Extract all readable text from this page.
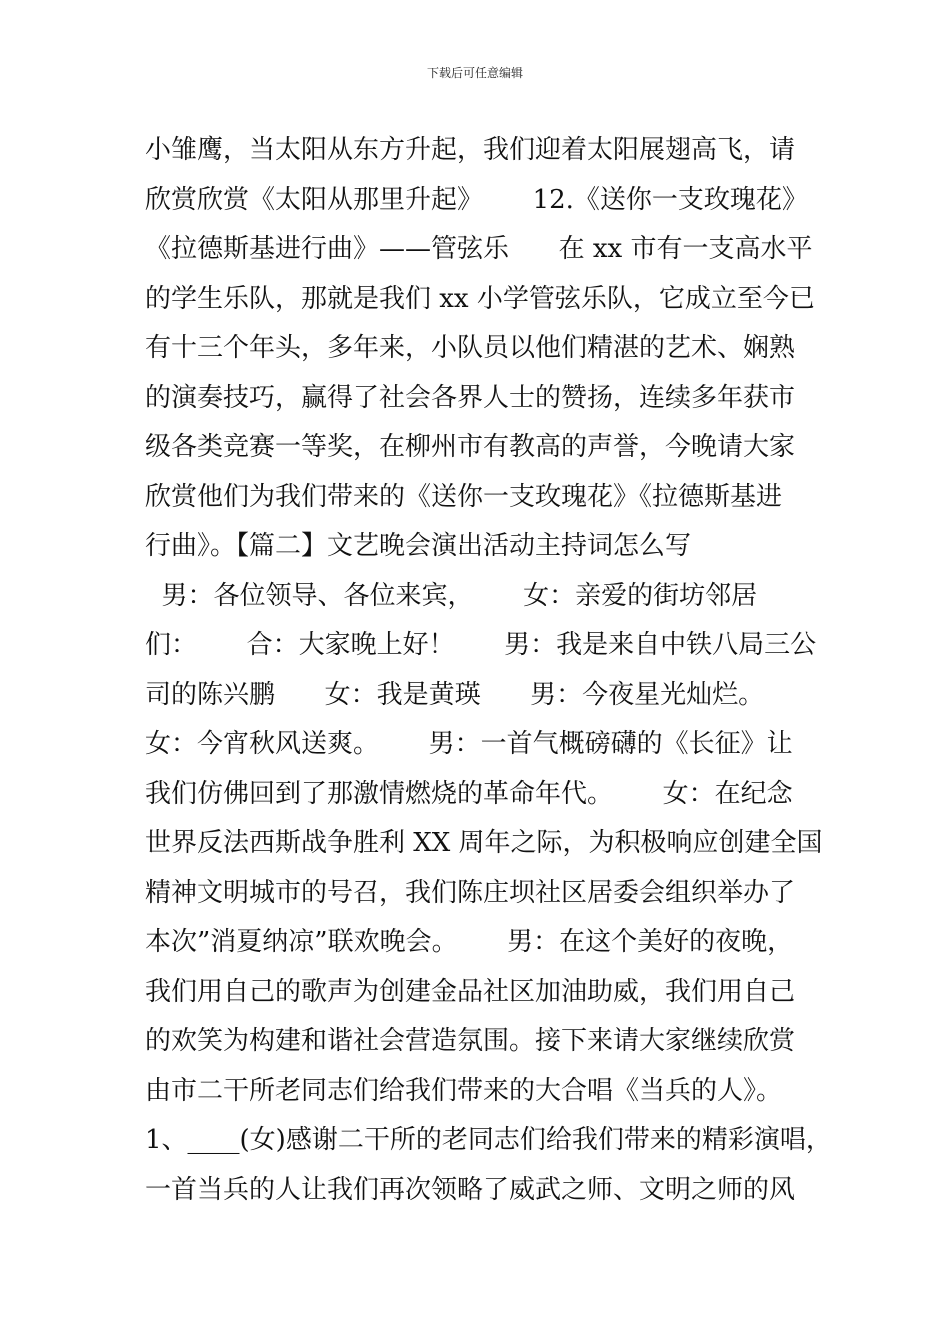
下载后可任意编辑
小雏鹰，当太阳从东方升起，我们迎着太阳展翅高飞，请
欣赏欣赏《太阳从那里升起》      12.《送你一支玫瑰花》
《拉德斯基进行曲》——管弦乐      在 xx 市有一支高水平
的学生乐队，那就是我们 xx 小学管弦乐队，它成立至今已
有十三个年头，多年来，小队员以他们精湛的艺术、娴熟
的演奏技巧，赢得了社会各界人士的赞扬，连续多年获市
级各类竞赛一等奖，在柳州市有教高的声誉，今晚请大家
欣赏他们为我们带来的《送你一支玫瑰花》《拉德斯基进
行曲》。【篇二】文艺晚会演出活动主持词怎么写
男：各位领导、各位来宾，      女：亲爱的街坊邻居
们：      合：大家晚上好！      男：我是来自中铁八局三公
司的陈兴鹏      女：我是黄瑛      男：今夜星光灿烂。
女：今宵秋风送爽。      男：一首气概磅礴的《长征》让
我们仿佛回到了那激情燃烧的革命年代。      女：在纪念
世界反法西斯战争胜利 XX 周年之际，为积极响应创建全国
精神文明城市的号召，我们陈庄坝社区居委会组织举办了
本次”消夏纳凉”联欢晚会。      男：在这个美好的夜晚，
我们用自己的歌声为创建金品社区加油助威，我们用自己
的欢笑为构建和谐社会营造氛围。接下来请大家继续欣赏
由市二干所老同志们给我们带来的大合唱《当兵的人》。
1、____(女)感谢二干所的老同志们给我们带来的精彩演唱，
一首当兵的人让我们再次领略了威武之师、文明之师的风
